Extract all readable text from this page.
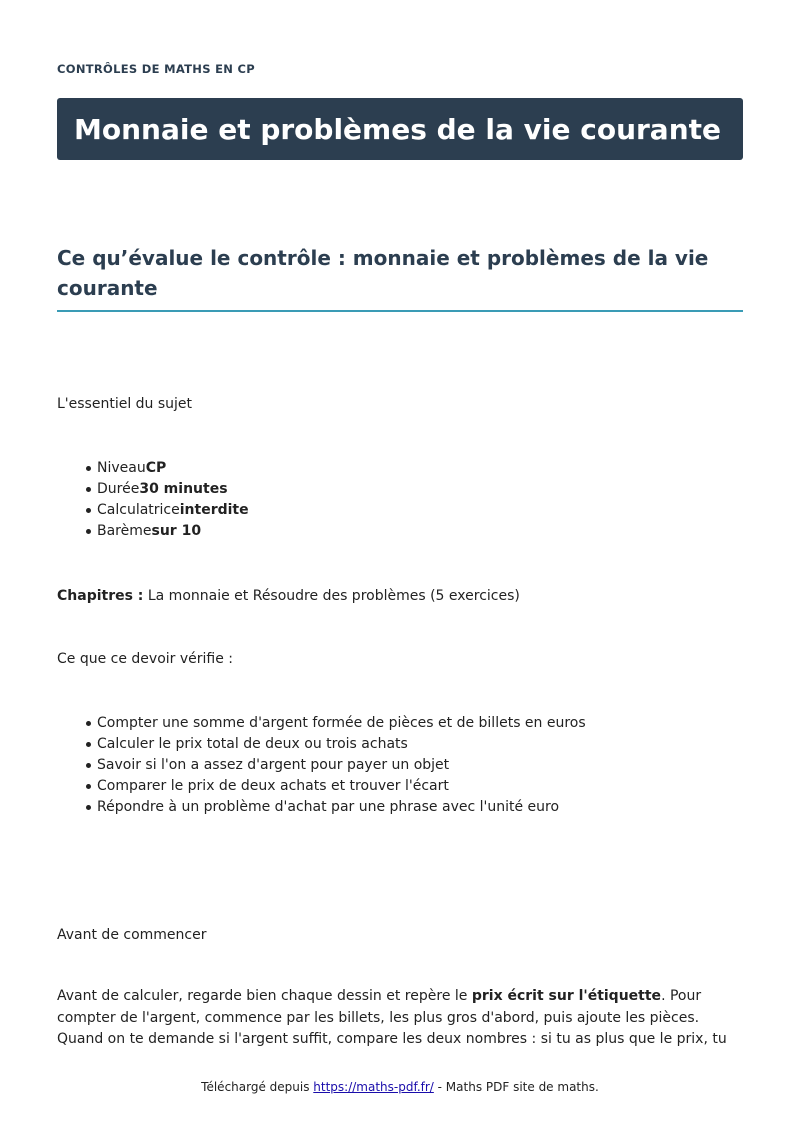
CONTRÔLES DE MATHS EN CP
Monnaie et problèmes de la vie courante
Ce qu’évalue le contrôle : monnaie et problèmes de la vie courante

L'essentiel du sujet

NiveauCP
Durée30 minutes
Calculatriceinterdite
Barèmesur 10

Chapitres : La monnaie et Résoudre des problèmes (5 exercices)

Ce que ce devoir vérifie :

Compter une somme d'argent formée de pièces et de billets en euros
Calculer le prix total de deux ou trois achats
Savoir si l'on a assez d'argent pour payer un objet
Comparer le prix de deux achats et trouver l'écart
Répondre à un problème d'achat par une phrase avec l'unité euro

Avant de commencer

Avant de calculer, regarde bien chaque dessin et repère le prix écrit sur l'étiquette. Pour compter de l'argent, commence par les billets, les plus gros d'abord, puis ajoute les pièces. Quand on te demande si l'argent suffit, compare les deux nombres : si tu as plus que le prix, tu

Téléchargé depuis https://maths-pdf.fr/ - Maths PDF site de maths.
